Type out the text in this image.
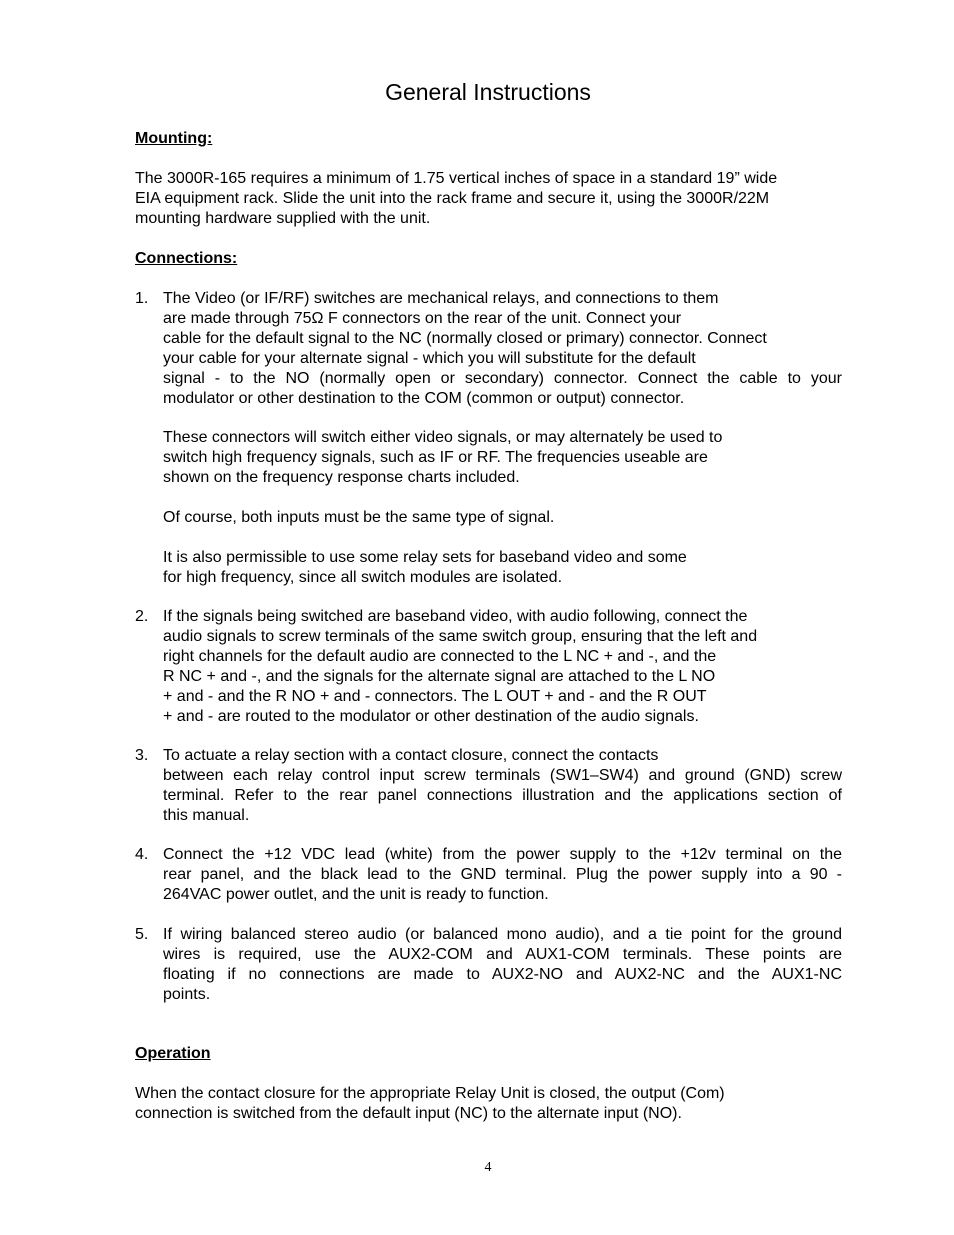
General Instructions
Mounting:
The 3000R-165 requires a minimum of 1.75 vertical inches of space in a standard 19” wide
EIA equipment rack. Slide the unit into the rack frame and secure it, using the 3000R/22M
mounting hardware supplied with the unit.
Connections:
1. The Video (or IF/RF) switches are mechanical relays, and connections to them
are made through 75Ω F connectors on the rear of the unit. Connect your
cable for the default signal to the NC (normally closed or primary) connector. Connect
your cable for your alternate signal - which you will substitute for the default
signal - to the NO (normally open or secondary) connector. Connect the cable to your
modulator or other destination to the COM (common or output) connector.

These connectors will switch either video signals, or may alternately be used to
switch high frequency signals, such as IF or RF. The frequencies useable are
shown on the frequency response charts included.

Of course, both inputs must be the same type of signal.

It is also permissible to use some relay sets for baseband video and some
for high frequency, since all switch modules are isolated.

2. If the signals being switched are baseband video, with audio following, connect the
audio signals to screw terminals of the same switch group, ensuring that the left and
right channels for the default audio are connected to the L NC + and -, and the
R NC + and -, and the signals for the alternate signal are attached to the L NO
+ and - and the R NO + and - connectors. The L OUT + and - and the R OUT
+ and - are routed to the modulator or other destination of the audio signals.

3. To actuate a relay section with a contact closure, connect the contacts
between each relay control input screw terminals (SW1–SW4) and ground (GND) screw
terminal. Refer to the rear panel connections illustration and the applications section of
this manual.

4. Connect the +12 VDC lead (white) from the power supply to the +12v terminal on the
rear panel, and the black lead to the GND terminal. Plug the power supply into a 90 -
264VAC power outlet, and the unit is ready to function.

5. If wiring balanced stereo audio (or balanced mono audio), and a tie point for the ground
wires is required, use the AUX2-COM and AUX1-COM terminals. These points are
floating if no connections are made to AUX2-NO and AUX2-NC and the AUX1-NC
points.

Operation
When the contact closure for the appropriate Relay Unit is closed, the output (Com)
connection is switched from the default input (NC) to the alternate input (NO).
4
